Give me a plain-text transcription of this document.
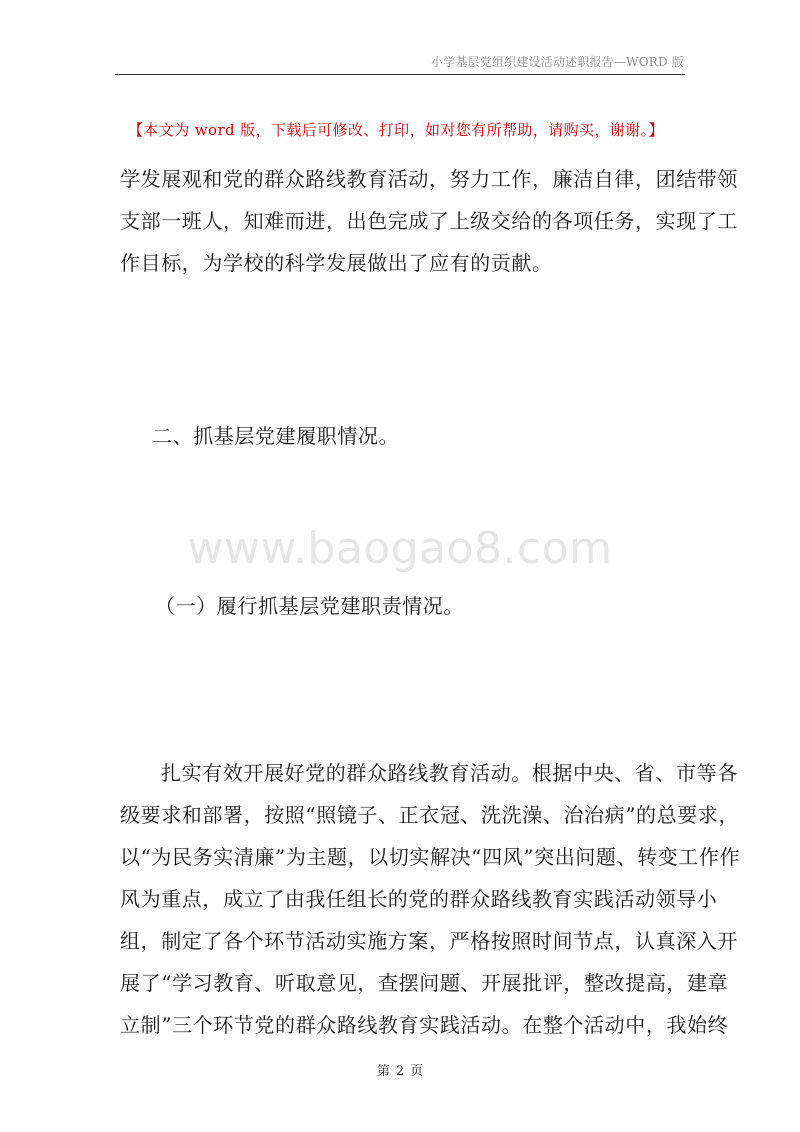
小学基层党组织建设活动述职报告—WORD 版
【本文为 word 版，下载后可修改、打印，如对您有所帮助，请购买，谢谢。】
学发展观和党的群众路线教育活动，努力工作，廉洁自律，团结带领
支部一班人，知难而进，出色完成了上级交给的各项任务，实现了工
作目标，为学校的科学发展做出了应有的贡献。
二、抓基层党建履职情况。
www.baogao8.com
（一）履行抓基层党建职责情况。
扎实有效开展好党的群众路线教育活动。根据中央、省、市等各
级要求和部署，按照“照镜子、正衣冠、洗洗澡、治治病”的总要求，
以“为民务实清廉”为主题，以切实解决“四风”突出问题、转变工作作
风为重点，成立了由我任组长的党的群众路线教育实践活动领导小
组，制定了各个环节活动实施方案，严格按照时间节点，认真深入开
展了“学习教育、听取意见，查摆问题、开展批评，整改提高，建章
立制”三个环节党的群众路线教育实践活动。在整个活动中，我始终
第 2 页
